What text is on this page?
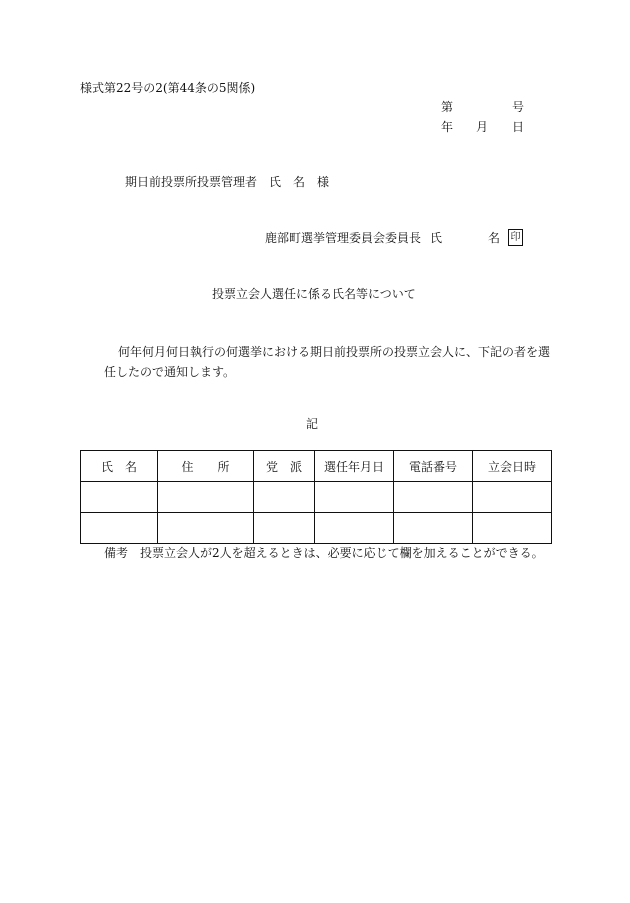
様式第22号の2(第44条の5関係)
第	号
年 月 日
期日前投票所投票管理者　氏　名　様
鹿部町選挙管理委員会委員長 氏	名 印
投票立会人選任に係る氏名等について
何年何月何日執行の何選挙における期日前投票所の投票立会人に、下記の者を選任したので通知します。
記
氏　名	住　　所	党　派	選任年月日	電話番号	立会日時

備考　投票立会人が2人を超えるときは、必要に応じて欄を加えることができる。
